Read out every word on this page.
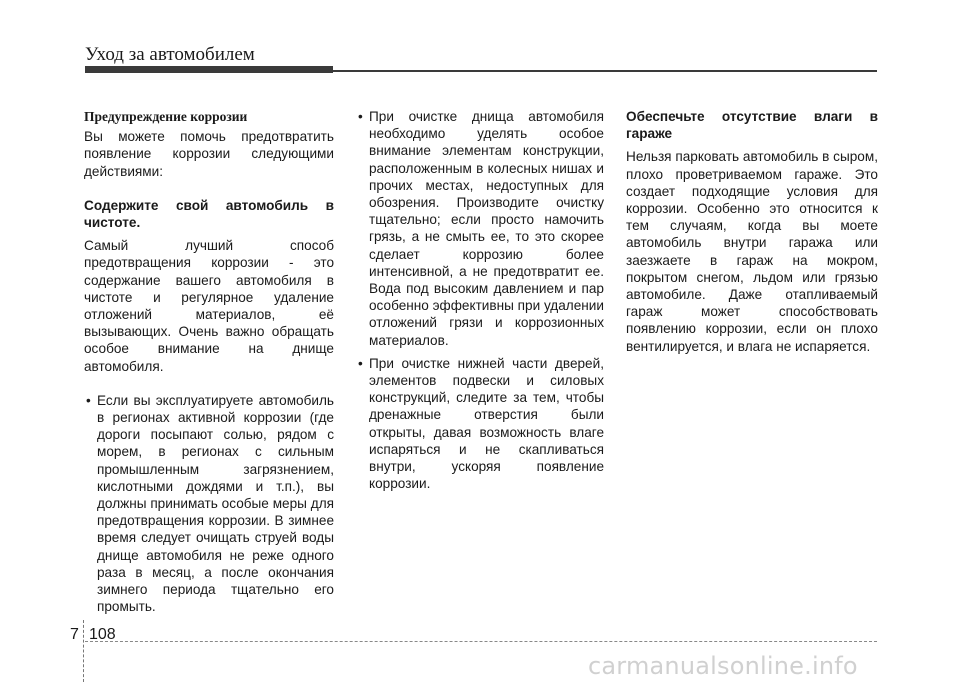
Уход за автомобилем

Предупреждение коррозии

Вы можете помочь предотвратить появление коррозии следующими действиями:

Содержите свой автомобиль в чистоте.

Самый лучший способ предотвращения коррозии - это содержание вашего автомобиля в чистоте и регулярное удаление отложений материалов, её вызывающих. Очень важно обращать особое внимание на днище автомобиля.

• Если вы эксплуатируете автомобиль в регионах активной коррозии (где дороги посыпают солью, рядом с морем, в регионах с сильным промышленным загрязнением, кислотными дождями и т.п.), вы должны принимать особые меры для предотвращения коррозии. В зимнее время следует очищать струей воды днище автомобиля не реже одного раза в месяц, а после окончания зимнего периода тщательно его промыть.

• При очистке днища автомобиля необходимо уделять особое внимание элементам конструкции, расположенным в колесных нишах и прочих местах, недоступных для обозрения. Производите очистку тщательно; если просто намочить грязь, а не смыть ее, то это скорее сделает коррозию более интенсивной, а не предотвратит ее. Вода под высоким давлением и пар особенно эффективны при удалении отложений грязи и коррозионных материалов.

• При очистке нижней части дверей, элементов подвески и силовых конструкций, следите за тем, чтобы дренажные отверстия были открыты, давая возможность влаге испаряться и не скапливаться внутри, ускоряя появление коррозии.

Обеспечьте отсутствие влаги в гараже

Нельзя парковать автомобиль в сыром, плохо проветриваемом гараже. Это создает подходящие условия для коррозии. Особенно это относится к тем случаям, когда вы моете автомобиль внутри гаража или заезжаете в гараж на мокром, покрытом снегом, льдом или грязью автомобиле. Даже отапливаемый гараж может способствовать появлению коррозии, если он плохо вентилируется, и влага не испаряется.

7 108
carmanualsonline.info
